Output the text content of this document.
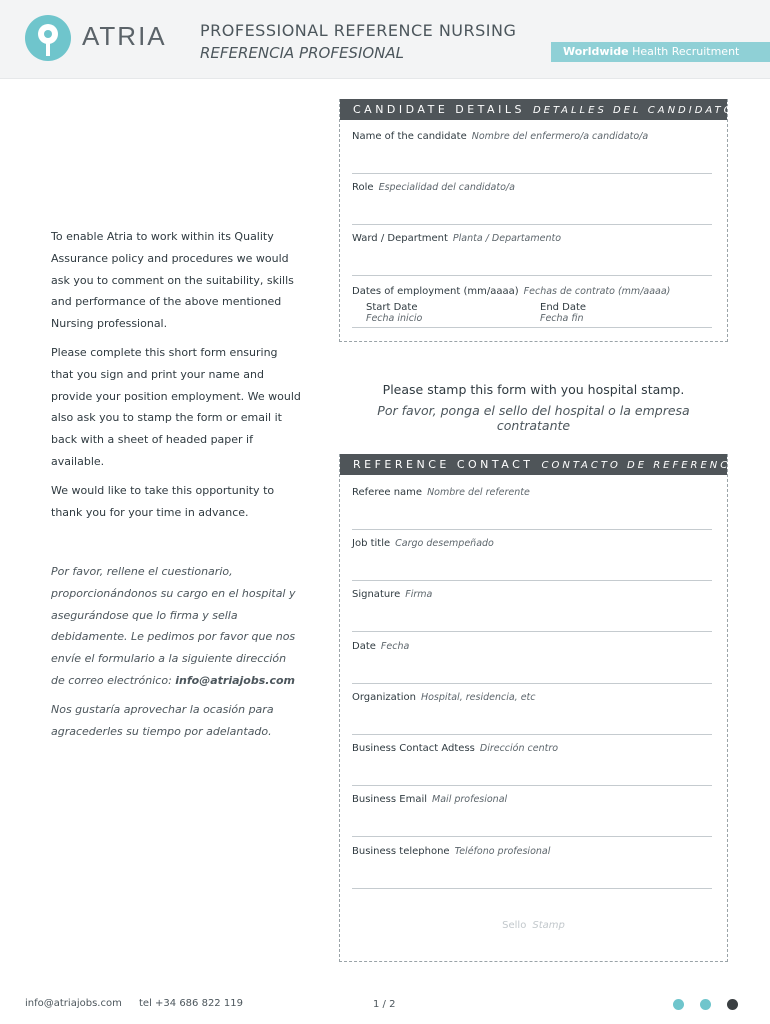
ATRIA PROFESSIONAL REFERENCE NURSING
REFERENCIA PROFESIONAL	Worldwide Health Recruitment

To enable Atria to work within its Quality Assurance policy and procedures we would ask you to comment on the suitability, skills and performance of the above mentioned Nursing professional.

Please complete this short form ensuring that you sign and print your name and provide your position employment. We would also ask you to stamp the form or email it back with a sheet of headed paper if available.

We would like to take this opportunity to thank you for your time in advance.

Por favor, rellene el cuestionario, proporcionándonos su cargo en el hospital y asegurándose que lo firma y sella debidamente. Le pedimos por favor que nos envíe el formulario a la siguiente dirección de correo electrónico: info@atriajobs.com

Nos gustaría aprovechar la ocasión para agracederles su tiempo por adelantado.

CANDIDATE DETAILS DETALLES DEL CANDIDATO/A
Name of the candidate Nombre del enfermero/a candidato/a
Role Especialidad del candidato/a
Ward / Department Planta / Departamento
Dates of employment (mm/aaaa) Fechas de contrato (mm/aaaa)
Start Date
Fecha inicio
End Date
Fecha fin
Please stamp this form with you hospital stamp.
Por favor, ponga el sello del hospital o la empresa contratante
REFERENCE CONTACT CONTACTO DE REFERENCIA
Referee name Nombre del referente
Job title Cargo desempeñado
Signature Firma
Date Fecha
Organization Hospital, residencia, etc
Business Contact Adtess Dirección centro
Business Email Mail profesional
Business telephone Teléfono profesional
Sello Stamp
info@atriajobs.com tel +34 686 822 119	1 / 2
